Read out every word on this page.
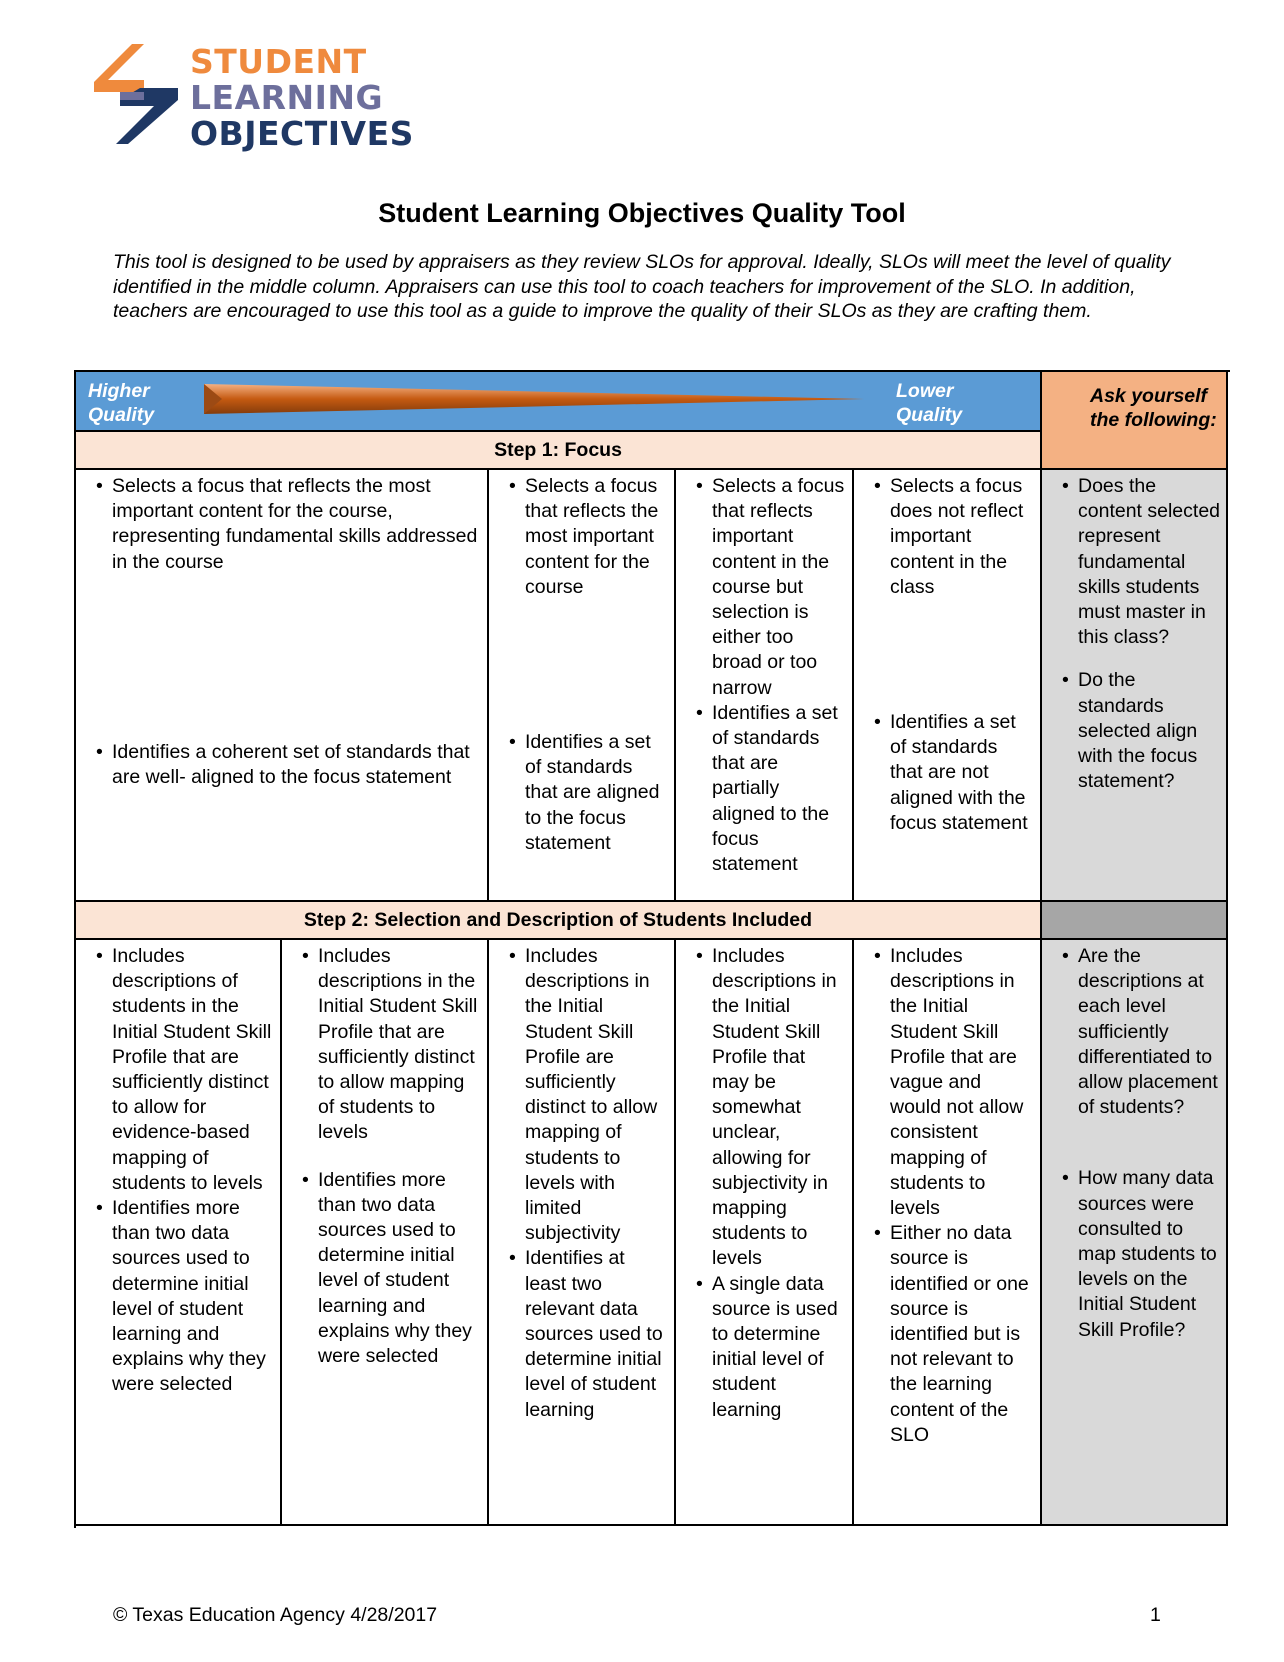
STUDENT
LEARNING
OBJECTIVES
Student Learning Objectives Quality Tool
This tool is designed to be used by appraisers as they review SLOs for approval. Ideally, SLOs will meet the level of quality identified in the middle column. Appraisers can use this tool to coach teachers for improvement of the SLO. In addition, teachers are encouraged to use this tool as a guide to improve the quality of their SLOs as they are crafting them.
Higher Quality
Lower Quality
Ask yourself the following:
Step 1: Focus

• Selects a focus that reflects the most important content for the course, representing fundamental skills addressed in the course

• Identifies a coherent set of standards that are well- aligned to the focus statement

• Selects a focus that reflects the most important content for the course

• Identifies a set of standards that are aligned to the focus statement

• Selects a focus that reflects important content in the course but selection is either too broad or too narrow

• Identifies a set of standards that are partially aligned to the focus statement

• Selects a focus does not reflect important content in the class

• Identifies a set of standards that are not aligned with the focus statement

• Does the content selected represent fundamental skills students must master in this class?

• Do the standards selected align with the focus statement?

Step 2: Selection and Description of Students Included

• Includes descriptions of students in the Initial Student Skill Profile that are sufficiently distinct to allow for evidence-based mapping of students to levels

• Identifies more than two data sources used to determine initial level of student learning and explains why they were selected

• Includes descriptions in the Initial Student Skill Profile that are sufficiently distinct to allow mapping of students to levels

• Identifies more than two data sources used to determine initial level of student learning and explains why they were selected

• Includes descriptions in the Initial Student Skill Profile are sufficiently distinct to allow mapping of students to levels with limited subjectivity

• Identifies at least two relevant data sources used to determine initial level of student learning

• Includes descriptions in the Initial Student Skill Profile that may be somewhat unclear, allowing for subjectivity in mapping students to levels

• A single data source is used to determine initial level of student learning

• Includes descriptions in the Initial Student Skill Profile that are vague and would not allow consistent mapping of students to levels

• Either no data source is identified or one source is identified but is not relevant to the learning content of the SLO

• Are the descriptions at each level sufficiently differentiated to allow placement of students?

• How many data sources were consulted to map students to levels on the Initial Student Skill Profile?

© Texas Education Agency 4/28/2017	1
